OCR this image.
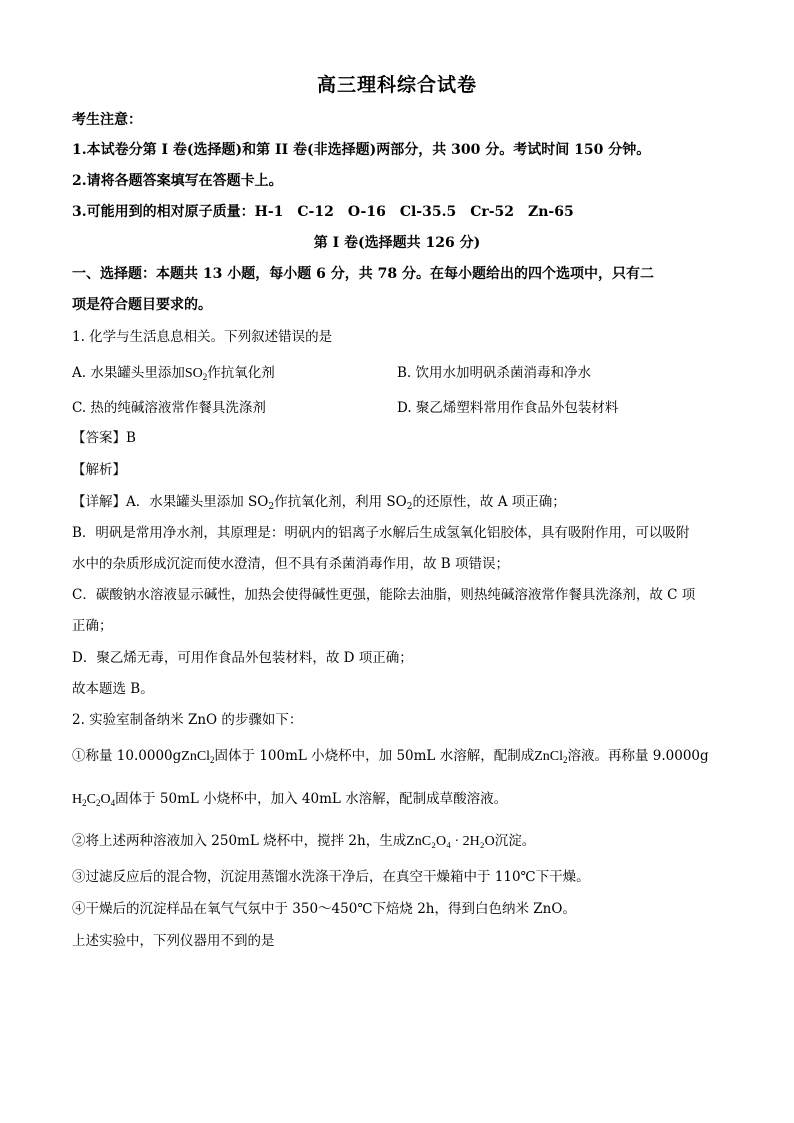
高三理科综合试卷
考生注意：
1.本试卷分第 I 卷(选择题)和第 II 卷(非选择题)两部分，共 300 分。考试时间 150 分钟。
2.请将各题答案填写在答题卡上。
3.可能用到的相对原子质量：H-1　C-12　O-16　Cl-35.5　Cr-52　Zn-65
第 I 卷(选择题共 126 分)
一、选择题：本题共 13 小题，每小题 6 分，共 78 分。在每小题给出的四个选项中，只有二
项是符合题目要求的。
1. 化学与生活息息相关。下列叙述错误的是
A. 水果罐头里添加$SO_2$作抗氧化剂	B. 饮用水加明矾杀菌消毒和净水
C. 热的纯碱溶液常作餐具洗涤剂	D. 聚乙烯塑料常用作食品外包装材料
【答案】B
【解析】
【详解】A．水果罐头里添加 $SO_2$作抗氧化剂，利用 $SO_2$的还原性，故 A 项正确；
B．明矾是常用净水剂，其原理是：明矾内的铝离子水解后生成氢氧化铝胶体，具有吸附作用，可以吸附
水中的杂质形成沉淀而使水澄清，但不具有杀菌消毒作用，故 B 项错误；
C．碳酸钠水溶液显示碱性，加热会使得碱性更强，能除去油脂，则热纯碱溶液常作餐具洗涤剂，故 C 项
正确；
D．聚乙烯无毒，可用作食品外包装材料，故 D 项正确；
故本题选 B。
2. 实验室制备纳米 ZnO 的步骤如下：
①称量 10.0000gZnCl$_2$固体于 100mL 小烧杯中，加 50mL 水溶解，配制成ZnCl$_2$溶液。再称量 9.0000g
$H_2C_2O_4$固体于 50mL 小烧杯中，加入 40mL 水溶解，配制成草酸溶液。
②将上述两种溶液加入 250mL 烧杯中，搅拌 2h，生成ZnC₂O₄ · 2H₂O沉淀。
③过滤反应后的混合物，沉淀用蒸馏水洗涤干净后，在真空干燥箱中于 110℃下干燥。
④干燥后的沉淀样品在氧气气氛中于 350～450℃下焙烧 2h，得到白色纳米 ZnO。
上述实验中，下列仪器用不到的是
